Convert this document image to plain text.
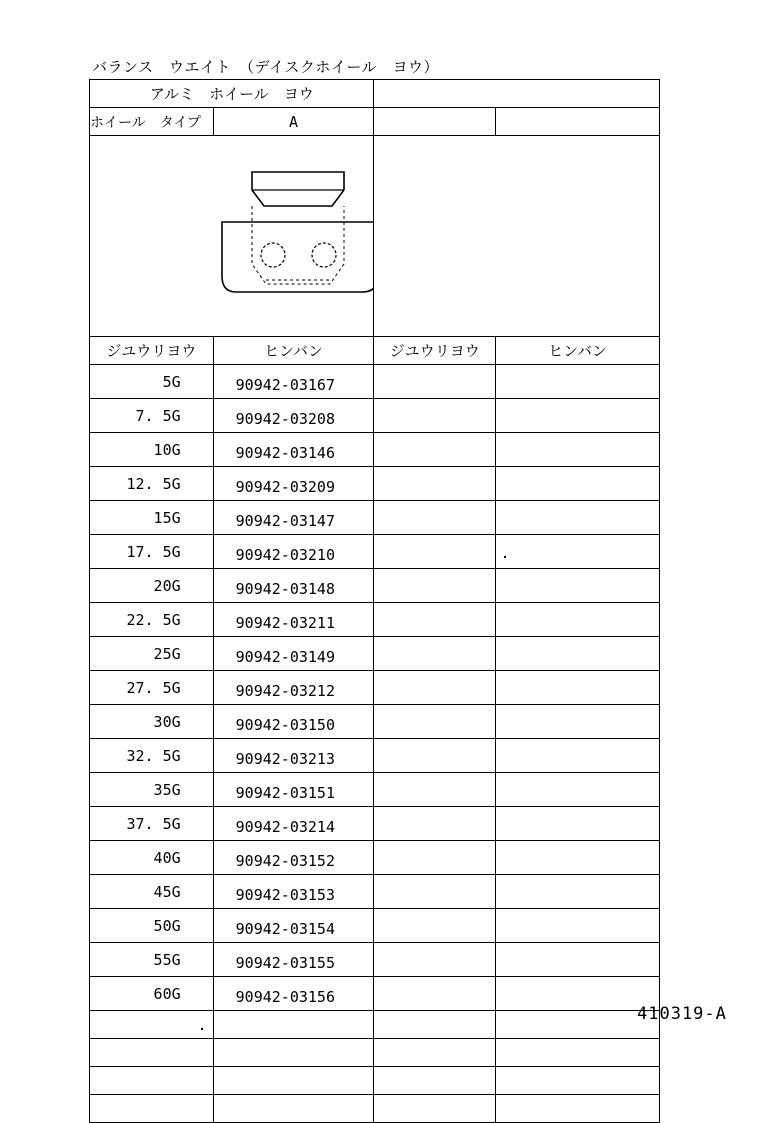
バランス　ウエイト　（デイスクホイール　ヨウ）
アルミ　ホイール　ヨウ			
ホイール　タイプ	A		

ジユウリヨウ	ヒンバン	ジユウリヨウ	ヒンバン
5G	90942-03167		
7. 5G	90942-03208		
10G	90942-03146		
12. 5G	90942-03209		
15G	90942-03147		
17. 5G	90942-03210		
20G	90942-03148		
22. 5G	90942-03211		
25G	90942-03149		
27. 5G	90942-03212		
30G	90942-03150		
32. 5G	90942-03213		
35G	90942-03151		
37. 5G	90942-03214		
40G	90942-03152		
45G	90942-03153		
50G	90942-03154		
55G	90942-03155		
60G	90942-03156		

410319-A
